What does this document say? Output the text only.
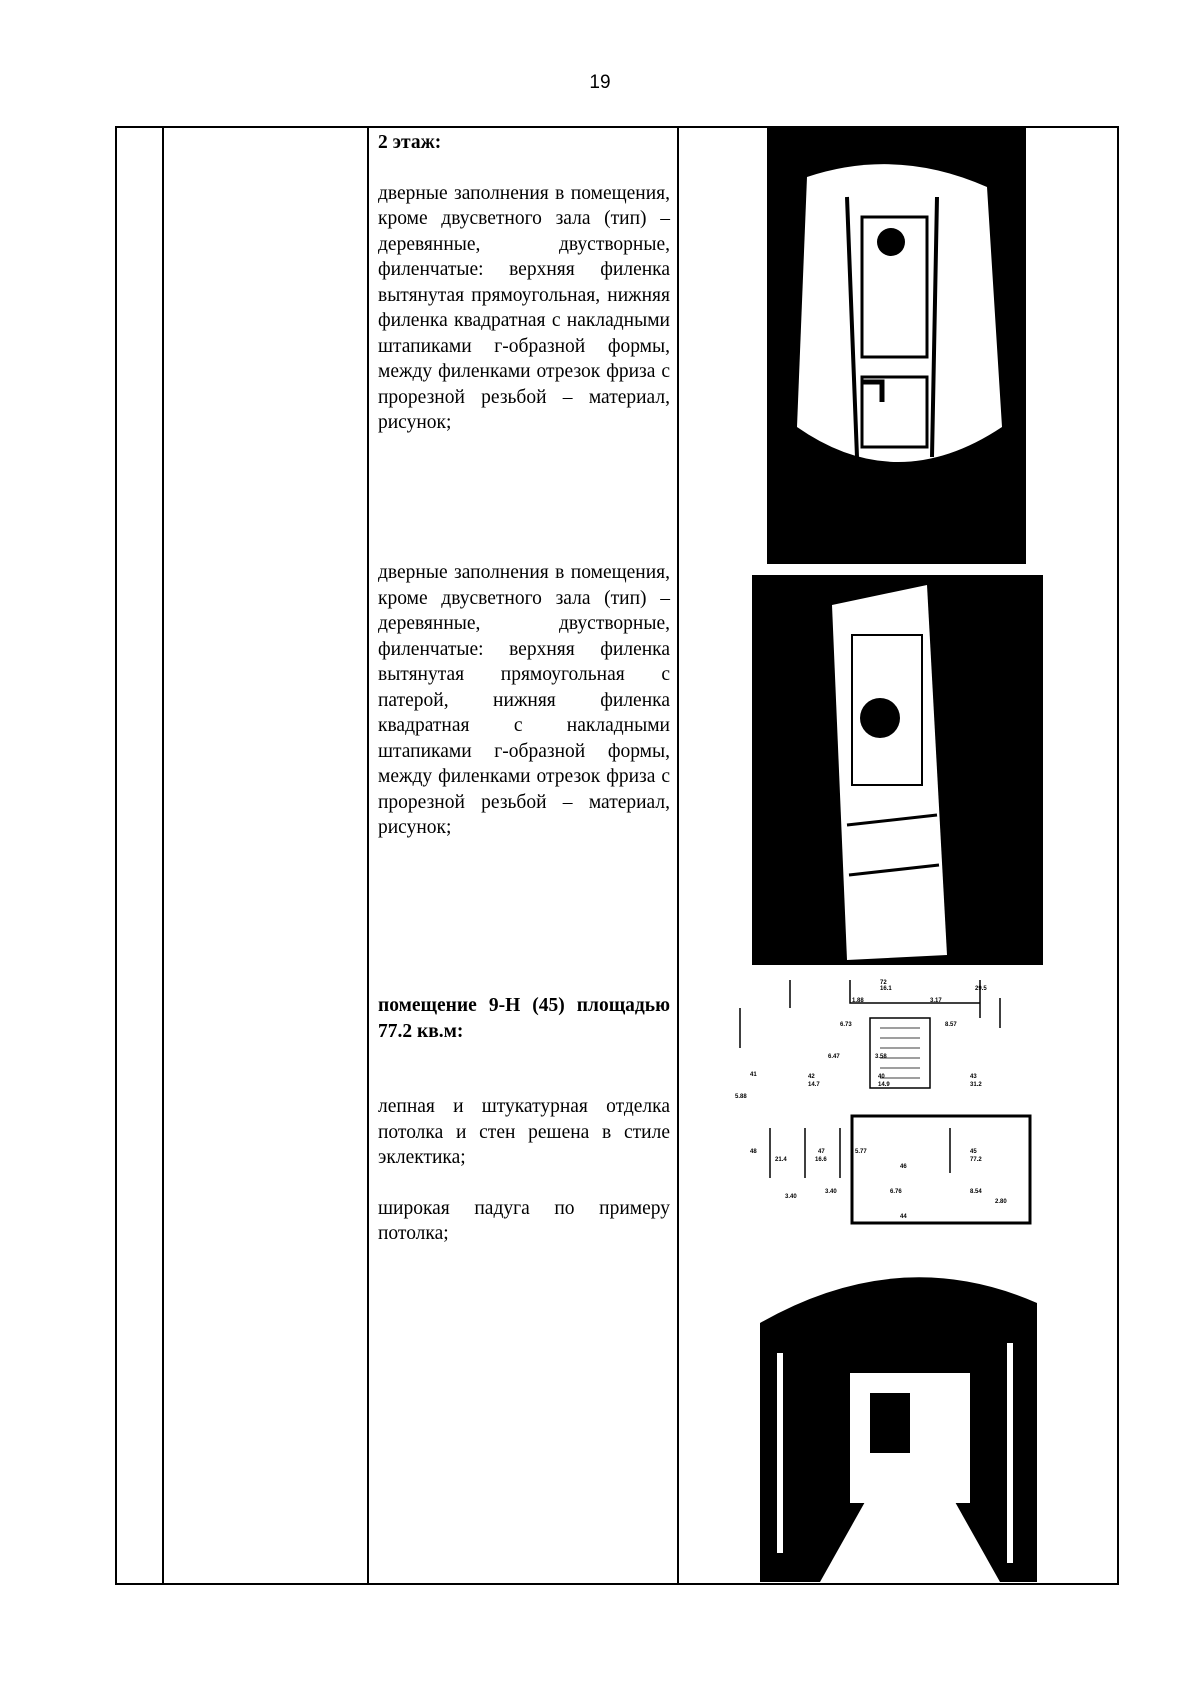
19

2 этаж:

дверные заполнения в помещения, кроме двусветного зала (тип) – деревянные, двустворные, филенчатые: верхняя филенка вытянутая прямоугольная, нижняя филенка квадратная с накладными штапиками г-образной формы, между филенками отрезок фриза с прорезной резьбой – материал, рисунок;

дверные заполнения в помещения, кроме двусветного зала (тип) – деревянные, двустворные, филенчатые: верхняя филенка вытянутая прямоугольная с патерой, нижняя филенка квадратная с накладными штапиками г-образной формы, между филенками отрезок фриза с прорезной резьбой – материал, рисунок;

помещение 9-Н (45) площадью 77.2 кв.м:

лепная и штукатурная отделка потолка и стен решена в стиле эклектика;

широкая падуга по примеру потолка;

1.88
16.1
72
29.5
3.17
6.73	8.57
6.47	3.58
40
14.9
43
31.2
41	42
14.7
5.88
46
48	47	45
77.2
21.4	16.6
5.77
3.40
6.76
3.40	8.54
2.80
44
